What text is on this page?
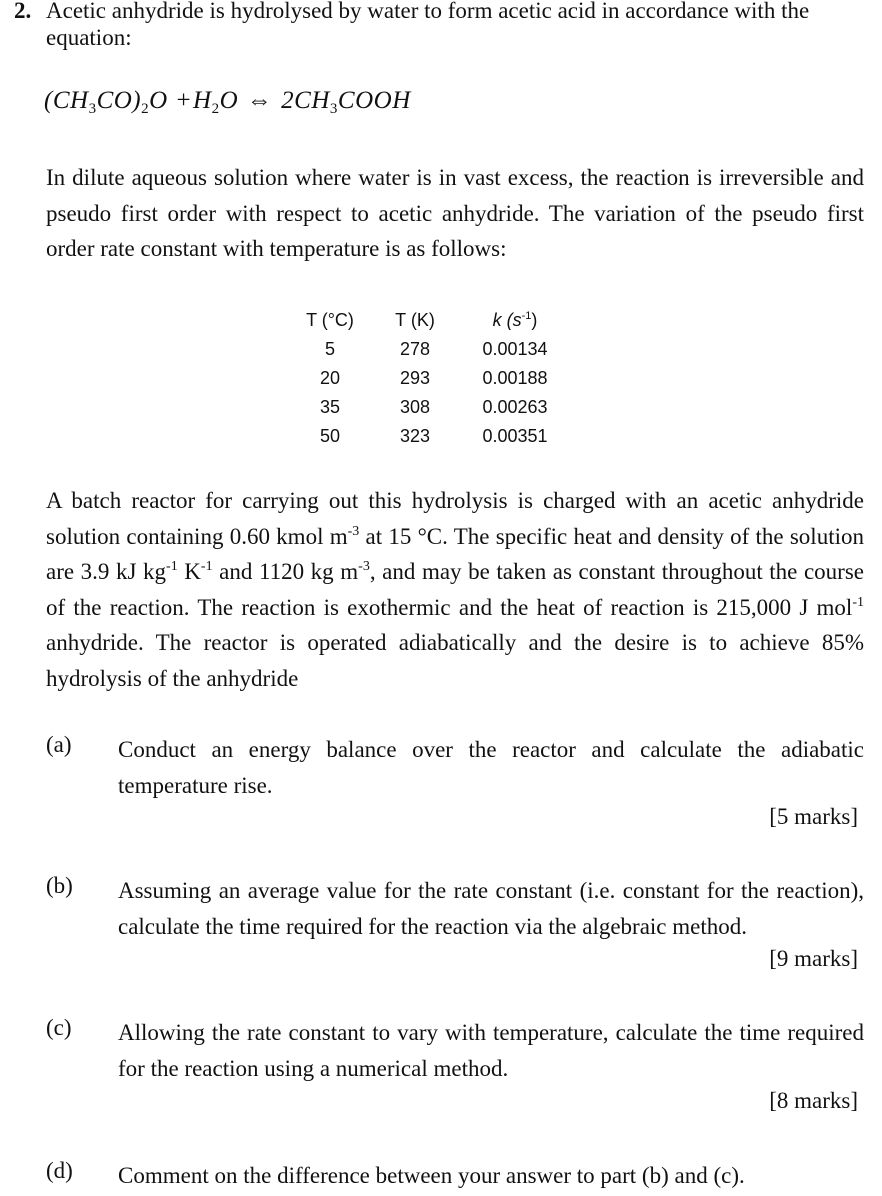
2. Acetic anhydride is hydrolysed by water to form acetic acid in accordance with the equation:
$(CH_3CO)_2O +H_2O$ ⇔ $2CH_3COOH$
In dilute aqueous solution where water is in vast excess, the reaction is irreversible and pseudo first order with respect to acetic anhydride. The variation of the pseudo first order rate constant with temperature is as follows:
T (°C)	T (K)	k $(s^{-1})$
5	278	0.00134
20	293	0.00188
35	308	0.00263
50	323	0.00351
A batch reactor for carrying out this hydrolysis is charged with an acetic anhydride solution containing 0.60 kmol $m^{-3}$ at 15 °C. The specific heat and density of the solution are 3.9 kJ $kg^{-1}$ $K^{-1}$ and 1120 kg $m^{-3}$, and may be taken as constant throughout the course of the reaction. The reaction is exothermic and the heat of reaction is 215,000 J mol$^{-1}$ anhydride. The reactor is operated adiabatically and the desire is to achieve 85% hydrolysis of the anhydride
(a) Conduct an energy balance over the reactor and calculate the adiabatic temperature rise.
[5 marks]
(b) Assuming an average value for the rate constant (i.e. constant for the reaction), calculate the time required for the reaction via the algebraic method.
[9 marks]
(c) Allowing the rate constant to vary with temperature, calculate the time required for the reaction using a numerical method.
[8 marks]
(d) Comment on the difference between your answer to part (b) and (c).
